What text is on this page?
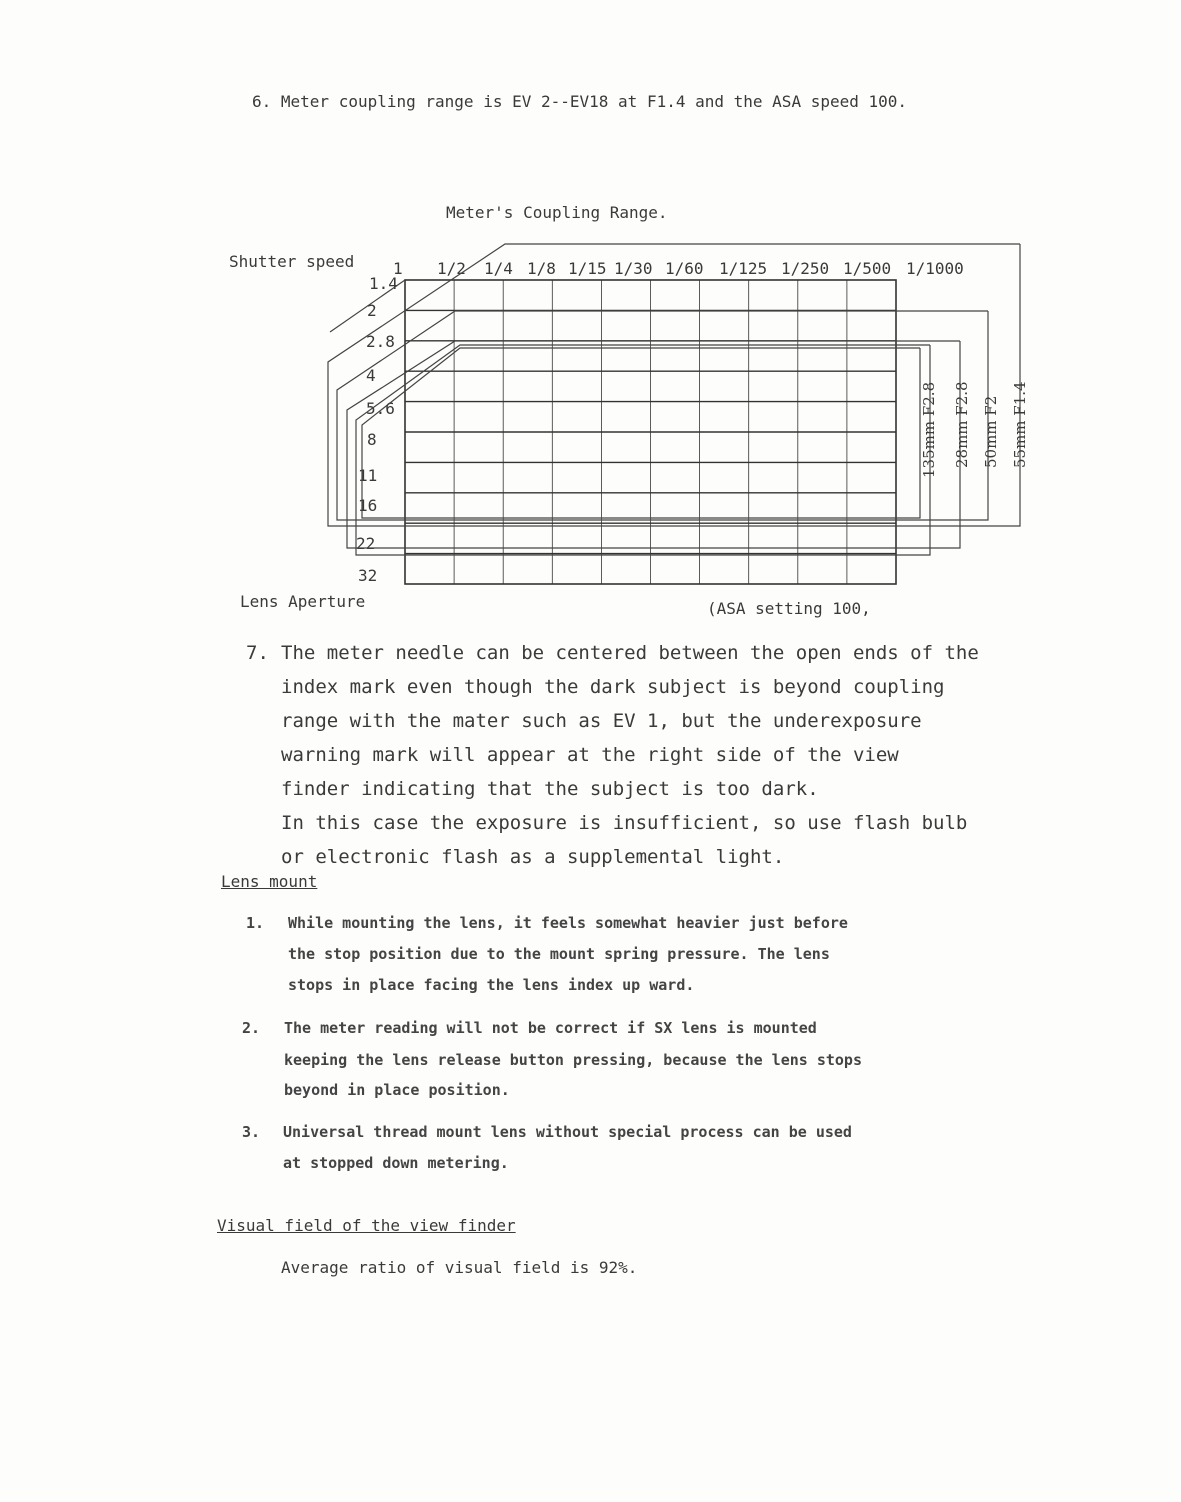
6. Meter coupling range is EV 2--EV18 at F1.4 and the ASA speed 100.
Meter's Coupling Range.
Shutter speed 1 1/2 1/4 1/8 1/15 1/30 1/60 1/125 1/250 1/500 1/1000
1.4
2
2.8
4
5.6
8
11
16
22
32
135mm F2.8 28mm F2.8 50mm F2 55mm F1.4
Lens Aperture	(ASA setting 100,
7. The meter needle can be centered between the open ends of the
index mark even though the dark subject is beyond coupling
range with the mater such as EV 1, but the underexposure
warning mark will appear at the right side of the view
finder indicating that the subject is too dark.
In this case the exposure is insufficient, so use flash bulb
or electronic flash as a supplemental light.
Lens mount
1. While mounting the lens, it feels somewhat heavier just before
the stop position due to the mount spring pressure. The lens
stops in place facing the lens index up ward.
2. The meter reading will not be correct if SX lens is mounted
keeping the lens release button pressing, because the lens stops
beyond in place position.
3. Universal thread mount lens without special process can be used
at stopped down metering.
Visual field of the view finder
Average ratio of visual field is 92%.
